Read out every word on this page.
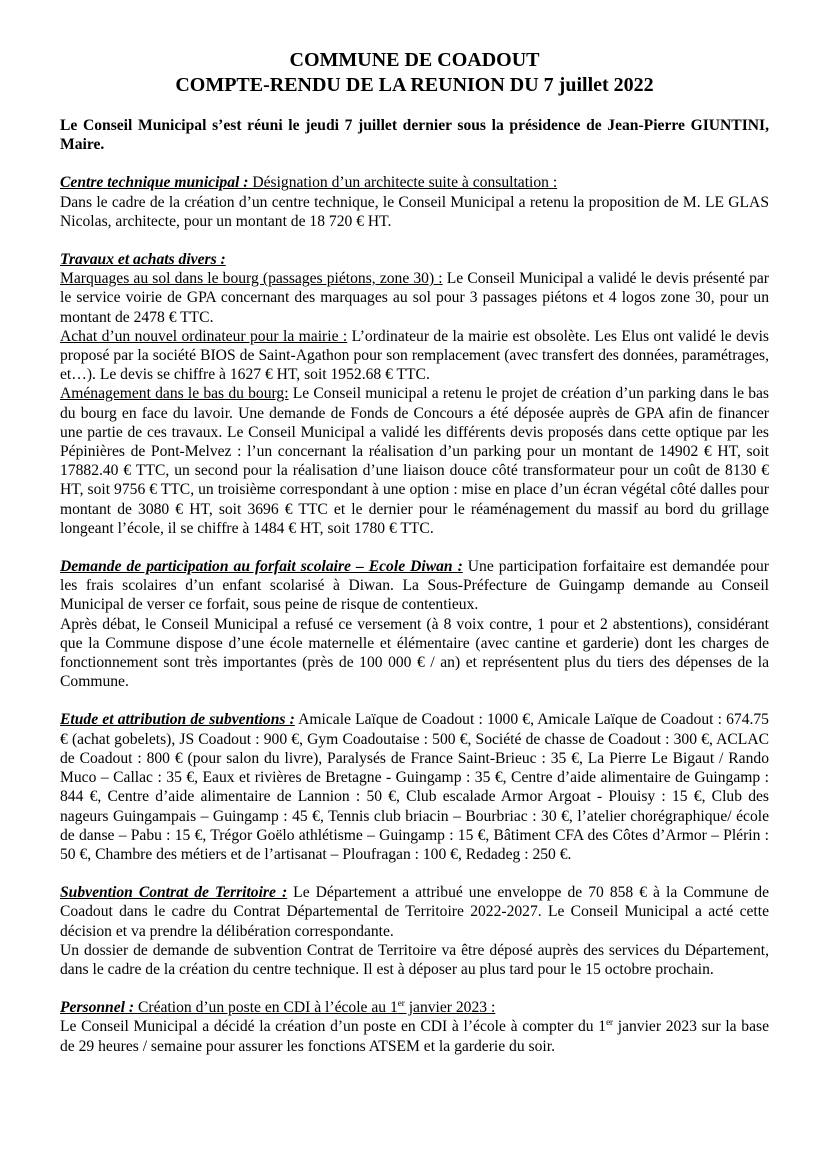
COMMUNE DE COADOUT
COMPTE-RENDU DE LA REUNION DU 7 juillet 2022

Le Conseil Municipal s’est réuni le jeudi 7 juillet dernier sous la présidence de Jean-Pierre GIUNTINI, Maire.

Centre technique municipal : Désignation d’un architecte suite à consultation :

Dans le cadre de la création d’un centre technique, le Conseil Municipal a retenu la proposition de M. LE GLAS Nicolas, architecte, pour un montant de 18 720 € HT.

Travaux et achats divers :

Marquages au sol dans le bourg (passages piétons, zone 30) : Le Conseil Municipal a validé le devis présenté par le service voirie de GPA concernant des marquages au sol pour 3 passages piétons et 4 logos zone 30, pour un montant de 2478 € TTC.

Achat d’un nouvel ordinateur pour la mairie : L’ordinateur de la mairie est obsolète. Les Elus ont validé le devis proposé par la société BIOS de Saint-Agathon pour son remplacement (avec transfert des données, paramétrages, et…). Le devis se chiffre à 1627 € HT, soit 1952.68 € TTC.

Aménagement dans le bas du bourg: Le Conseil municipal a retenu le projet de création d’un parking dans le bas du bourg en face du lavoir. Une demande de Fonds de Concours a été déposée auprès de GPA afin de financer une partie de ces travaux. Le Conseil Municipal a validé les différents devis proposés dans cette optique par les Pépinières de Pont-Melvez : l’un concernant la réalisation d’un parking pour un montant de 14902 € HT, soit 17882.40 € TTC, un second pour la réalisation d’une liaison douce côté transformateur pour un coût de 8130 € HT, soit 9756 € TTC, un troisième correspondant à une option : mise en place d’un écran végétal côté dalles pour montant de 3080 € HT, soit 3696 € TTC et le dernier pour le réaménagement du massif au bord du grillage longeant l’école, il se chiffre à 1484 € HT, soit 1780 € TTC.

Demande de participation au forfait scolaire – Ecole Diwan : Une participation forfaitaire est demandée pour les frais scolaires d’un enfant scolarisé à Diwan. La Sous-Préfecture de Guingamp demande au Conseil Municipal de verser ce forfait, sous peine de risque de contentieux.

Après débat, le Conseil Municipal a refusé ce versement (à 8 voix contre, 1 pour et 2 abstentions), considérant que la Commune dispose d’une école maternelle et élémentaire (avec cantine et garderie) dont les charges de fonctionnement sont très importantes (près de 100 000 € / an) et représentent plus du tiers des dépenses de la Commune.

Etude et attribution de subventions : Amicale Laïque de Coadout : 1000 €, Amicale Laïque de Coadout : 674.75 € (achat gobelets), JS Coadout : 900 €, Gym Coadoutaise : 500 €, Société de chasse de Coadout : 300 €, ACLAC de Coadout : 800 € (pour salon du livre), Paralysés de France Saint-Brieuc : 35 €, La Pierre Le Bigaut / Rando Muco – Callac : 35 €, Eaux et rivières de Bretagne - Guingamp : 35 €, Centre d’aide alimentaire de Guingamp : 844 €, Centre d’aide alimentaire de Lannion : 50 €, Club escalade Armor Argoat - Plouisy : 15 €, Club des nageurs Guingampais – Guingamp : 45 €, Tennis club briacin – Bourbriac : 30 €, l’atelier chorégraphique/ école de danse – Pabu : 15 €, Trégor Goëlo athlétisme – Guingamp : 15 €, Bâtiment CFA des Côtes d’Armor – Plérin : 50 €, Chambre des métiers et de l’artisanat – Ploufragan : 100 €, Redadeg : 250 €.

Subvention Contrat de Territoire : Le Département a attribué une enveloppe de 70 858 € à la Commune de Coadout dans le cadre du Contrat Départemental de Territoire 2022-2027. Le Conseil Municipal a acté cette décision et va prendre la délibération correspondante.

Un dossier de demande de subvention Contrat de Territoire va être déposé auprès des services du Département, dans le cadre de la création du centre technique. Il est à déposer au plus tard pour le 15 octobre prochain.

Personnel : Création d’un poste en CDI à l’école au 1er janvier 2023 :

Le Conseil Municipal a décidé la création d’un poste en CDI à l’école à compter du 1er janvier 2023 sur la base de 29 heures / semaine pour assurer les fonctions ATSEM et la garderie du soir.
